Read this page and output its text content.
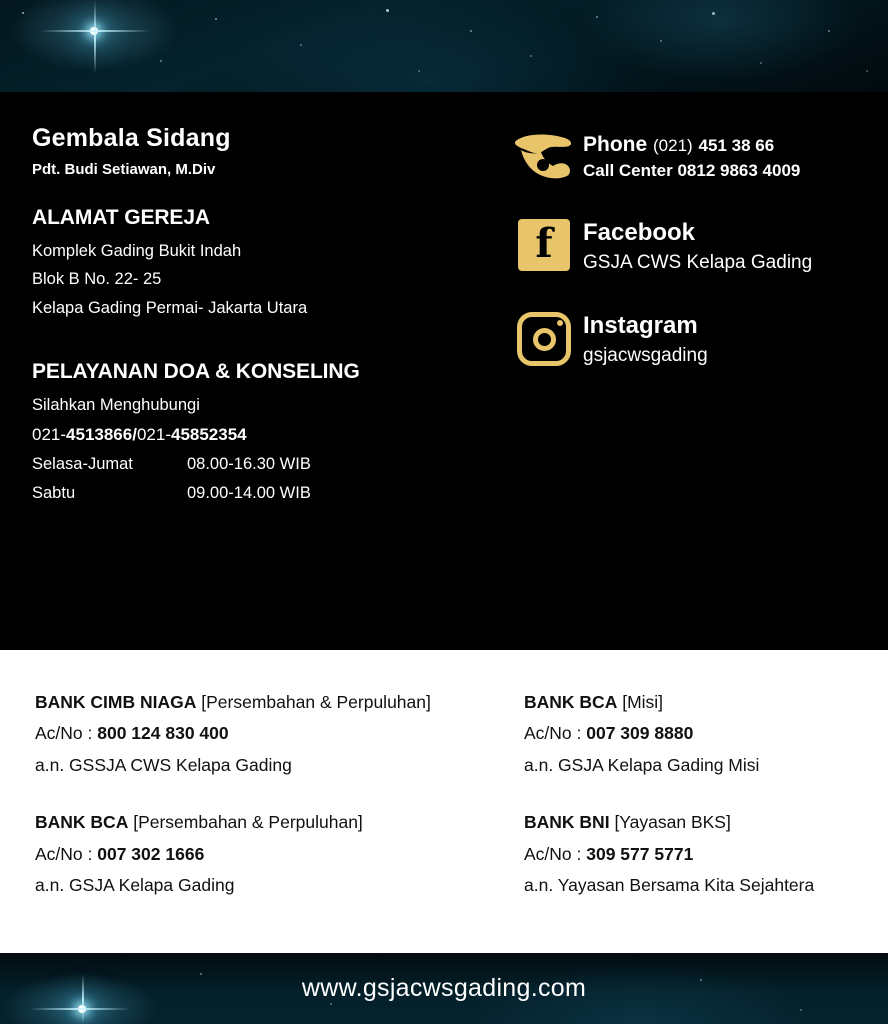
Gembala Sidang
Pdt. Budi Setiawan, M.Div
ALAMAT GEREJA
Komplek Gading Bukit Indah
Blok B No. 22- 25
Kelapa Gading Permai- Jakarta Utara
PELAYANAN DOA & KONSELING
Silahkan Menghubungi
021-4513866/021-45852354
Selasa-Jumat	08.00-16.30 WIB
Sabtu	09.00-14.00 WIB
Phone (021) 451 38 66
Call Center 0812 9863 4009
f	Facebook
GSJA CWS Kelapa Gading
Instagram
gsjacwsgading
BANK CIMB NIAGA [Persembahan & Perpuluhan]
Ac/No : 800 124 830 400
a.n. GSSJA CWS Kelapa Gading
BANK BCA [Persembahan & Perpuluhan]
Ac/No : 007 302 1666
a.n. GSJA Kelapa Gading
BANK BCA [Misi]
Ac/No : 007 309 8880
a.n. GSJA Kelapa Gading Misi
BANK BNI [Yayasan BKS]
Ac/No : 309 577 5771
a.n. Yayasan Bersama Kita Sejahtera
www.gsjacwsgading.com
